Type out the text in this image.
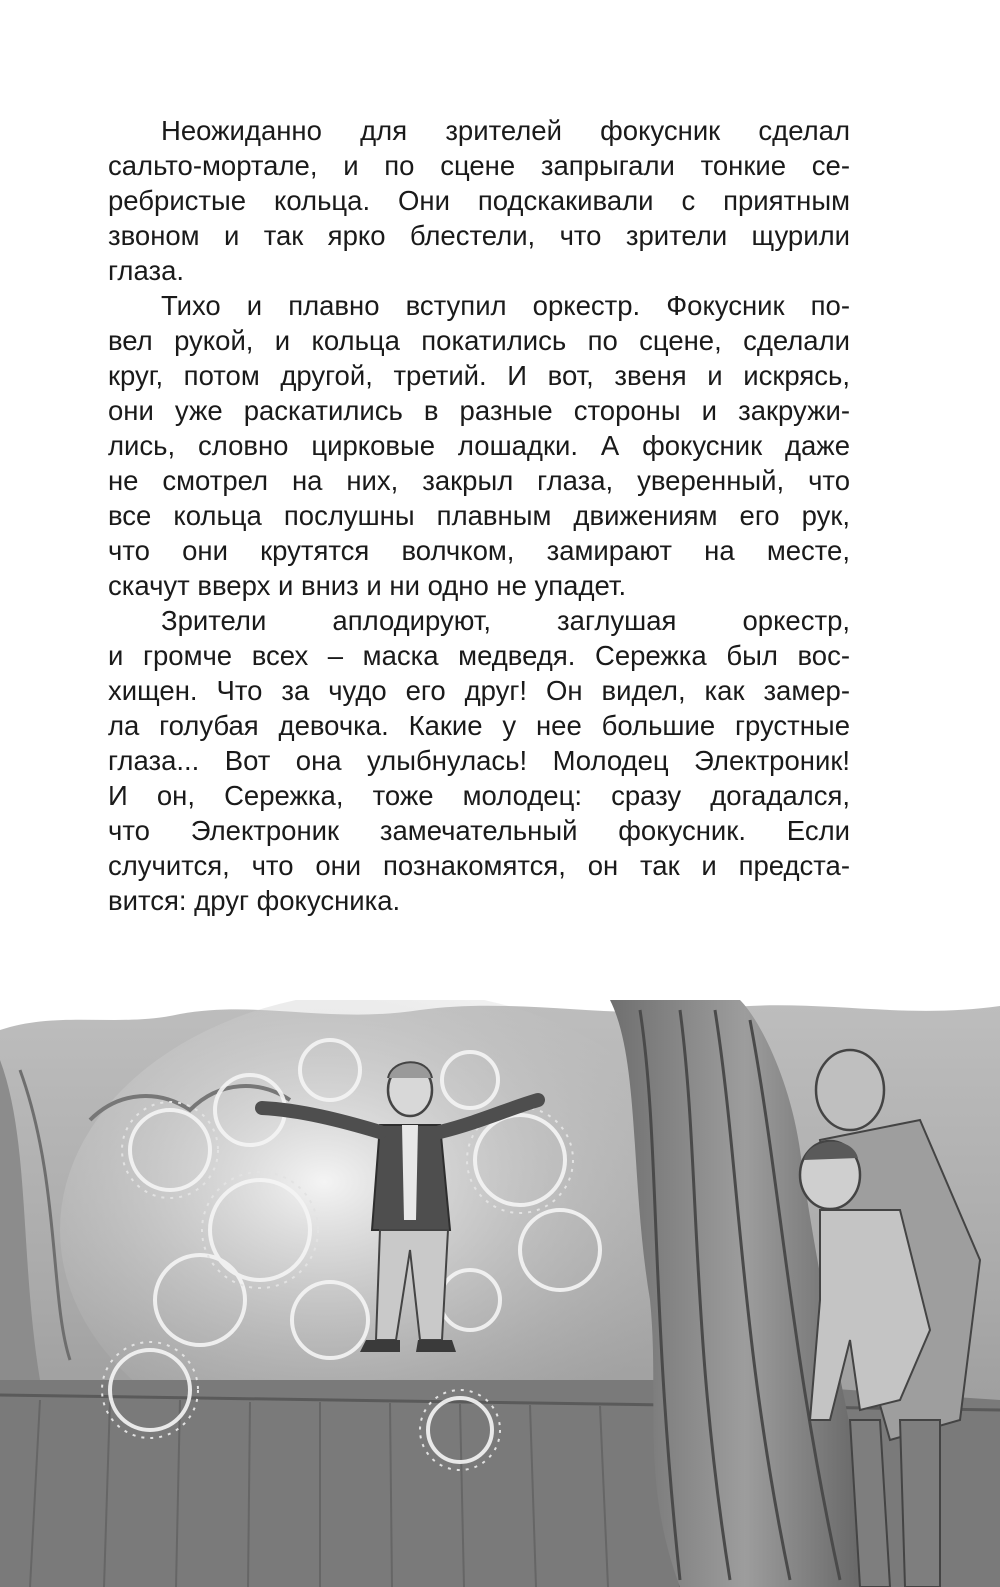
Неожиданно для зрителей фокусник сделал
сальто-мортале, и по сцене запрыгали тонкие се-
ребристые кольца. Они подскакивали с приятным
звоном и так ярко блестели, что зрители щурили
глаза.
Тихо и плавно вступил оркестр. Фокусник по-
вел рукой, и кольца покатились по сцене, сделали
круг, потом другой, третий. И вот, звеня и искрясь,
они уже раскатились в разные стороны и закружи-
лись, словно цирковые лошадки. А фокусник даже
не смотрел на них, закрыл глаза, уверенный, что
все кольца послушны плавным движениям его рук,
что они крутятся волчком, замирают на месте,
скачут вверх и вниз и ни одно не упадет.
Зрители аплодируют, заглушая оркестр,
и громче всех – маска медведя. Сережка был вос-
хищен. Что за чудо его друг! Он видел, как замер-
ла голубая девочка. Какие у нее большие грустные
глаза... Вот она улыбнулась! Молодец Электроник!
И он, Сережка, тоже молодец: сразу догадался,
что Электроник замечательный фокусник. Если
случится, что они познакомятся, он так и предста-
вится: друг фокусника.
